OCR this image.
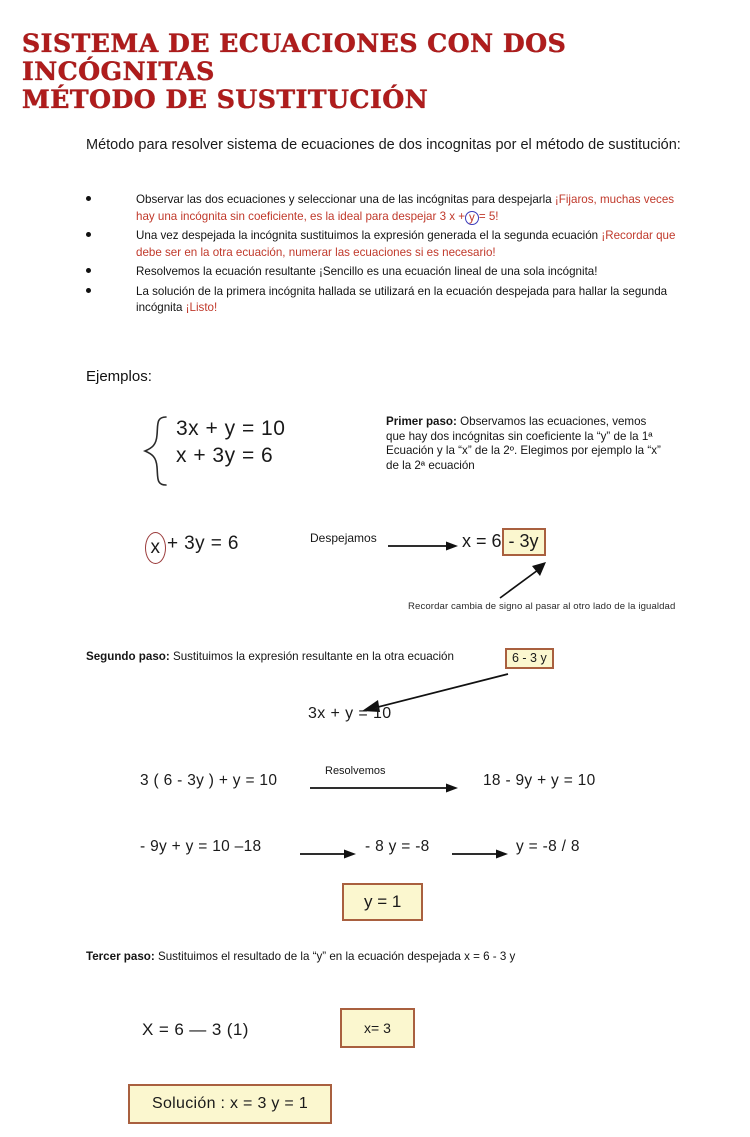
SISTEMA DE ECUACIONES CON DOS INCÓGNITAS
MÉTODO DE SUSTITUCIÓN
Método para resolver sistema de ecuaciones de dos incognitas por el método de sustitución:
Observar las dos ecuaciones y seleccionar una de las incógnitas para despejarla ¡Fijaros, muchas veces hay una incógnita sin coeficiente, es la ideal para despejar 3 x + y = 5!
Una vez despejada la incógnita sustituimos la expresión generada el la segunda ecuación ¡Recordar que debe ser en la otra ecuación, numerar las ecuaciones si es necesario!
Resolvemos la ecuación resultante ¡Sencillo es una ecuación lineal de una sola incógnita!
La solución de la primera incógnita hallada se utilizará en la ecuación despejada para hallar la segunda incógnita ¡Listo!
Ejemplos:
3x + y = 10
x + 3y = 6
Primer paso: Observamos las ecuaciones, vemos que hay dos incógnitas sin coeficiente la “y” de la 1ª Ecuación y la “x” de la 2º. Elegimos por ejemplo la “x” de la 2ª ecuación
x + 3y = 6	Despejamos	x = 6 - 3y
Recordar cambia de signo al pasar al otro lado de la igualdad
Segundo paso: Sustituimos la expresión resultante en la otra ecuación	6 - 3 y
3x + y = 10
3 ( 6 - 3y ) + y = 10
Resolvemos
18 - 9y + y = 10
- 9y + y = 10 –18	- 8 y = -8	y = -8 / 8
y = 1
Tercer paso: Sustituimos el resultado de la “y” en la ecuación despejada x = 6 - 3 y
X = 6 — 3 (1)	x= 3
Solución : x = 3 y = 1
